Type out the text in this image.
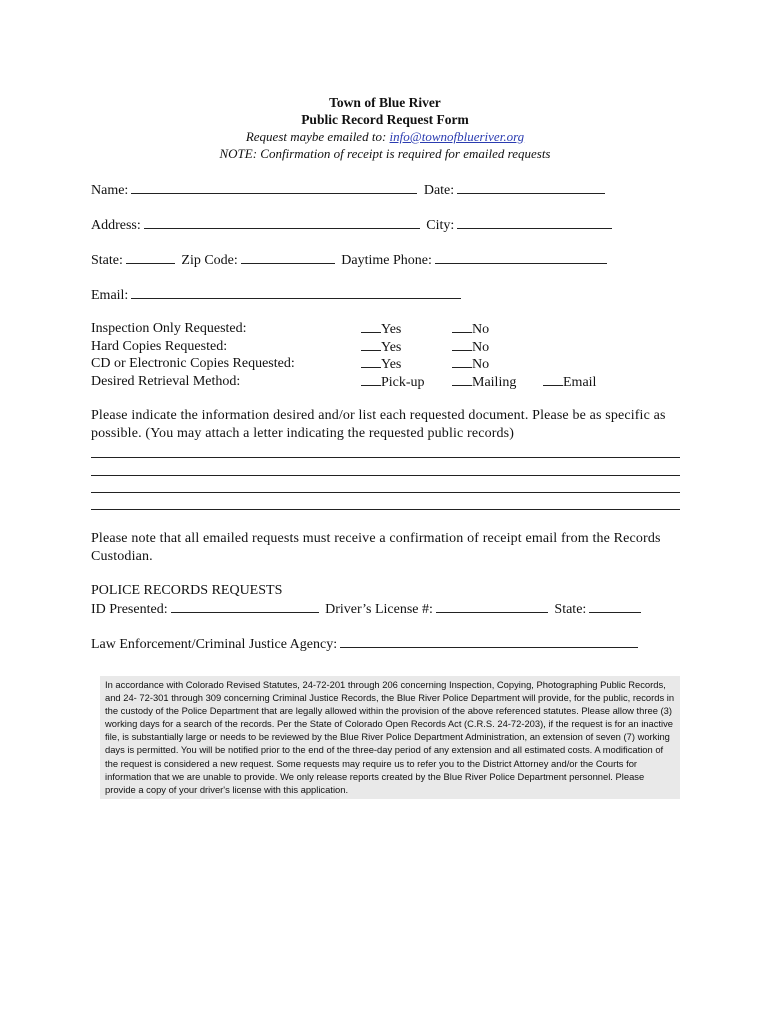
Town of Blue River
Public Record Request Form
Request maybe emailed to: info@townofblueriver.org
NOTE: Confirmation of receipt is required for emailed requests
Name:	Date:
Address:	City:
State:	Zip Code:	Daytime Phone:
Email:
Inspection Only Requested:	Yes	No
Hard Copies Requested:	Yes	No
CD or Electronic Copies Requested:	Yes	No
Desired Retrieval Method:	Pick-up	Mailing	Email
Please indicate the information desired and/or list each requested document. Please be as specific as possible. (You may attach a letter indicating the requested public records)
Please note that all emailed requests must receive a confirmation of receipt email from the Records Custodian.
POLICE RECORDS REQUESTS
ID Presented:	Driver’s License #:	State:
Law Enforcement/Criminal Justice Agency:
In accordance with Colorado Revised Statutes, 24-72-201 through 206 concerning Inspection, Copying, Photographing Public Records, and 24- 72-301 through 309 concerning Criminal Justice Records, the Blue River Police Department will provide, for the public, records in the custody of the Police Department that are legally allowed within the provision of the above referenced statutes. Please allow three (3) working days for a search of the records. Per the State of Colorado Open Records Act (C.R.S. 24-72-203), if the request is for an inactive file, is substantially large or needs to be reviewed by the Blue River Police Department Administration, an extension of seven (7) working days is permitted. You will be notified prior to the end of the three-day period of any extension and all estimated costs. A modification of the request is considered a new request. Some requests may require us to refer you to the District Attorney and/or the Courts for information that we are unable to provide. We only release reports created by the Blue River Police Department personnel. Please provide a copy of your driver's license with this application.
